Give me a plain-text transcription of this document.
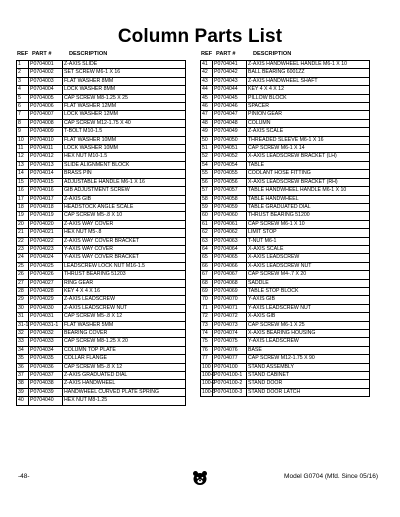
Column Parts List
REF PART #	DESCRIPTION
1	P0704001	Z-AXIS SLIDE
2	P0704002	SET SCREW M6-1 X 16
3	P0704003	FLAT WASHER 8MM
4	P0704004	LOCK WASHER 8MM
5	P0704005	CAP SCREW M8-1.25 X 25
6	P0704006	FLAT WASHER 12MM
7	P0704007	LOCK WASHER 12MM
8	P0704008	CAP SCREW M12-1.75 X 40
9	P0704009	T-BOLT M10-1.5
10	P0704010	FLAT WASHER 10MM
11	P0704011	LOCK WASHER 10MM
12	P0704012	HEX NUT M10-1.5
13	P0704013	SLIDE ALIGNMENT BLOCK
14	P0704014	BRASS PIN
15	P0704015	ADJUSTABLE HANDLE M6-1 X 16
16	P0704016	GIB ADJUSTMENT SCREW
17	P0704017	Z-AXIS GIB
18	P0704018	HEADSTOCK ANGLE SCALE
19	P0704019	CAP SCREW M5-.8 X 10
20	P0704020	Z-AXIS WAY COVER
21	P0704021	HEX NUT M5-.8
22	P0704022	Z-AXIS WAY COVER BRACKET
23	P0704023	Y-AXIS WAY COVER
24	P0704024	Y-AXIS WAY COVER BRACKET
25	P0704025	LEADSCREW LOCK NUT M16-1.5
26	P0704026	THRUST BEARING 51203
27	P0704027	RING GEAR
28	P0704028	KEY 4 X 4 X 16
29	P0704029	Z-AXIS LEADSCREW
30	P0704030	Z-AXIS LEADSCREW NUT
31	P0704031	CAP SCREW M5-.8 X 12
31-1	P0704031-1	FLAT WASHER 5MM
32	P0704032	BEARING COVER
33	P0704033	CAP SCREW M8-1.25 X 20
34	P0704034	COLUMN TOP PLATE
35	P0704035	COLLAR FLANGE
36	P0704036	CAP SCREW M5-.8 X 12
37	P0704037	Z-AXIS GRADUATED DIAL
38	P0704038	Z-AXIS HANDWHEEL
39	P0704039	HANDWHEEL CURVED PLATE SPRING
40	P0704040	HEX NUT M8-1.25
REF PART #	DESCRIPTION
41	P0704041	Z-AXIS HANDWHEEL HANDLE M6-1 X 10
42	P0704042	BALL BEARING 6001ZZ
43	P0704043	Z-AXIS HANDWHEEL SHAFT
44	P0704044	KEY 4 X 4 X 12
45	P0704045	PILLOW BLOCK
46	P0704046	SPACER
47	P0704047	PINION GEAR
48	P0704048	COLUMN
49	P0704049	Z-AXIS SCALE
50	P0704050	THREADED SLEEVE M6-1 X 16
51	P0704051	CAP SCREW M6-1 X 14
52	P0704052	X-AXIS LEADSCREW BRACKET (LH)
54	P0704054	TABLE
55	P0704055	COOLANT HOSE FITTING
56	P0704056	X-AXIS LEADSCREW BRACKET (RH)
57	P0704057	TABLE HANDWHEEL HANDLE M6-1 X 10
58	P0704058	TABLE HANDWHEEL
59	P0704059	TABLE GRADUATED DIAL
60	P0704060	THRUST BEARING 51200
61	P0704061	CAP SCREW M6-1 X 10
62	P0704062	LIMIT STOP
63	P0704063	T-NUT M6-1
64	P0704064	X-AXIS SCALE
65	P0704065	X-AXIS LEADSCREW
66	P0704066	X-AXIS LEADSCREW NUT
67	P0704067	CAP SCREW M4-.7 X 20
68	P0704068	SADDLE
69	P0704069	TABLE STOP BLOCK
70	P0704070	Y-AXIS GIB
71	P0704071	Y-AXIS LEADSCREW NUT
72	P0704072	X-AXIS GIB
73	P0704073	CAP SCREW M6-1 X 25
74	P0704074	X-AXIS BEARING HOUSING
75	P0704075	Y-AXIS LEADSCREW
76	P0704076	BASE
77	P0704077	CAP SCREW M12-1.75 X 90
100	P0704100	STAND ASSEMBLY
100-1	P0704100-1	STAND CABINET
100-2	P0704100-2	STAND DOOR
100-3	P0704100-3	STAND DOOR LATCH
-48-	Model G0704 (Mfd. Since 05/16)
